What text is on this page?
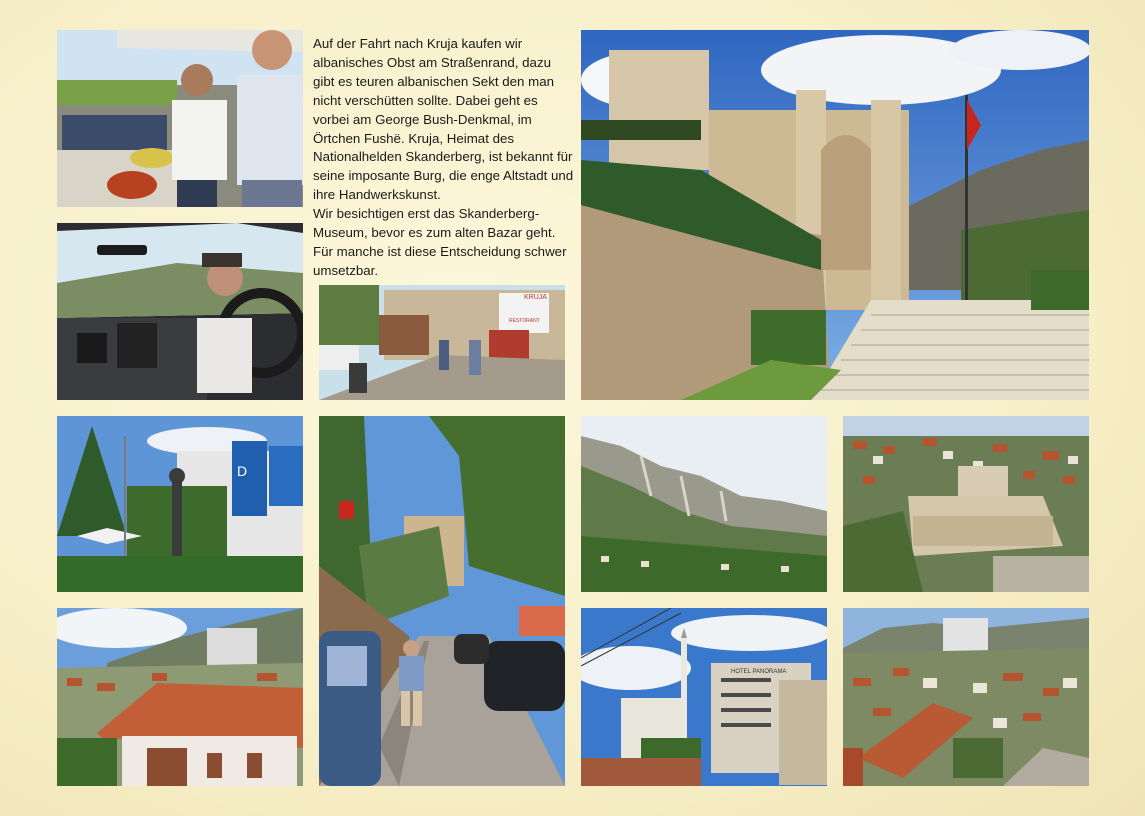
KRUJA
RESTORANT
Auf der Fahrt nach Kruja kaufen wir albanisches Obst am Straßenrand, dazu gibt es teuren albanischen Sekt den man nicht verschütten sollte. Dabei geht es vorbei am George Bush-Denkmal, im Örtchen Fushë. Kruja, Heimat des Nationalhelden Skanderberg, ist bekannt für seine imposante Burg, die enge Altstadt und ihre Handwerkskunst.
Wir besichtigen erst das Skanderberg-Museum, bevor es zum alten Bazar geht. Für manche ist diese Entscheidung schwer umsetzbar.
D
HOTEL PANORAMA
